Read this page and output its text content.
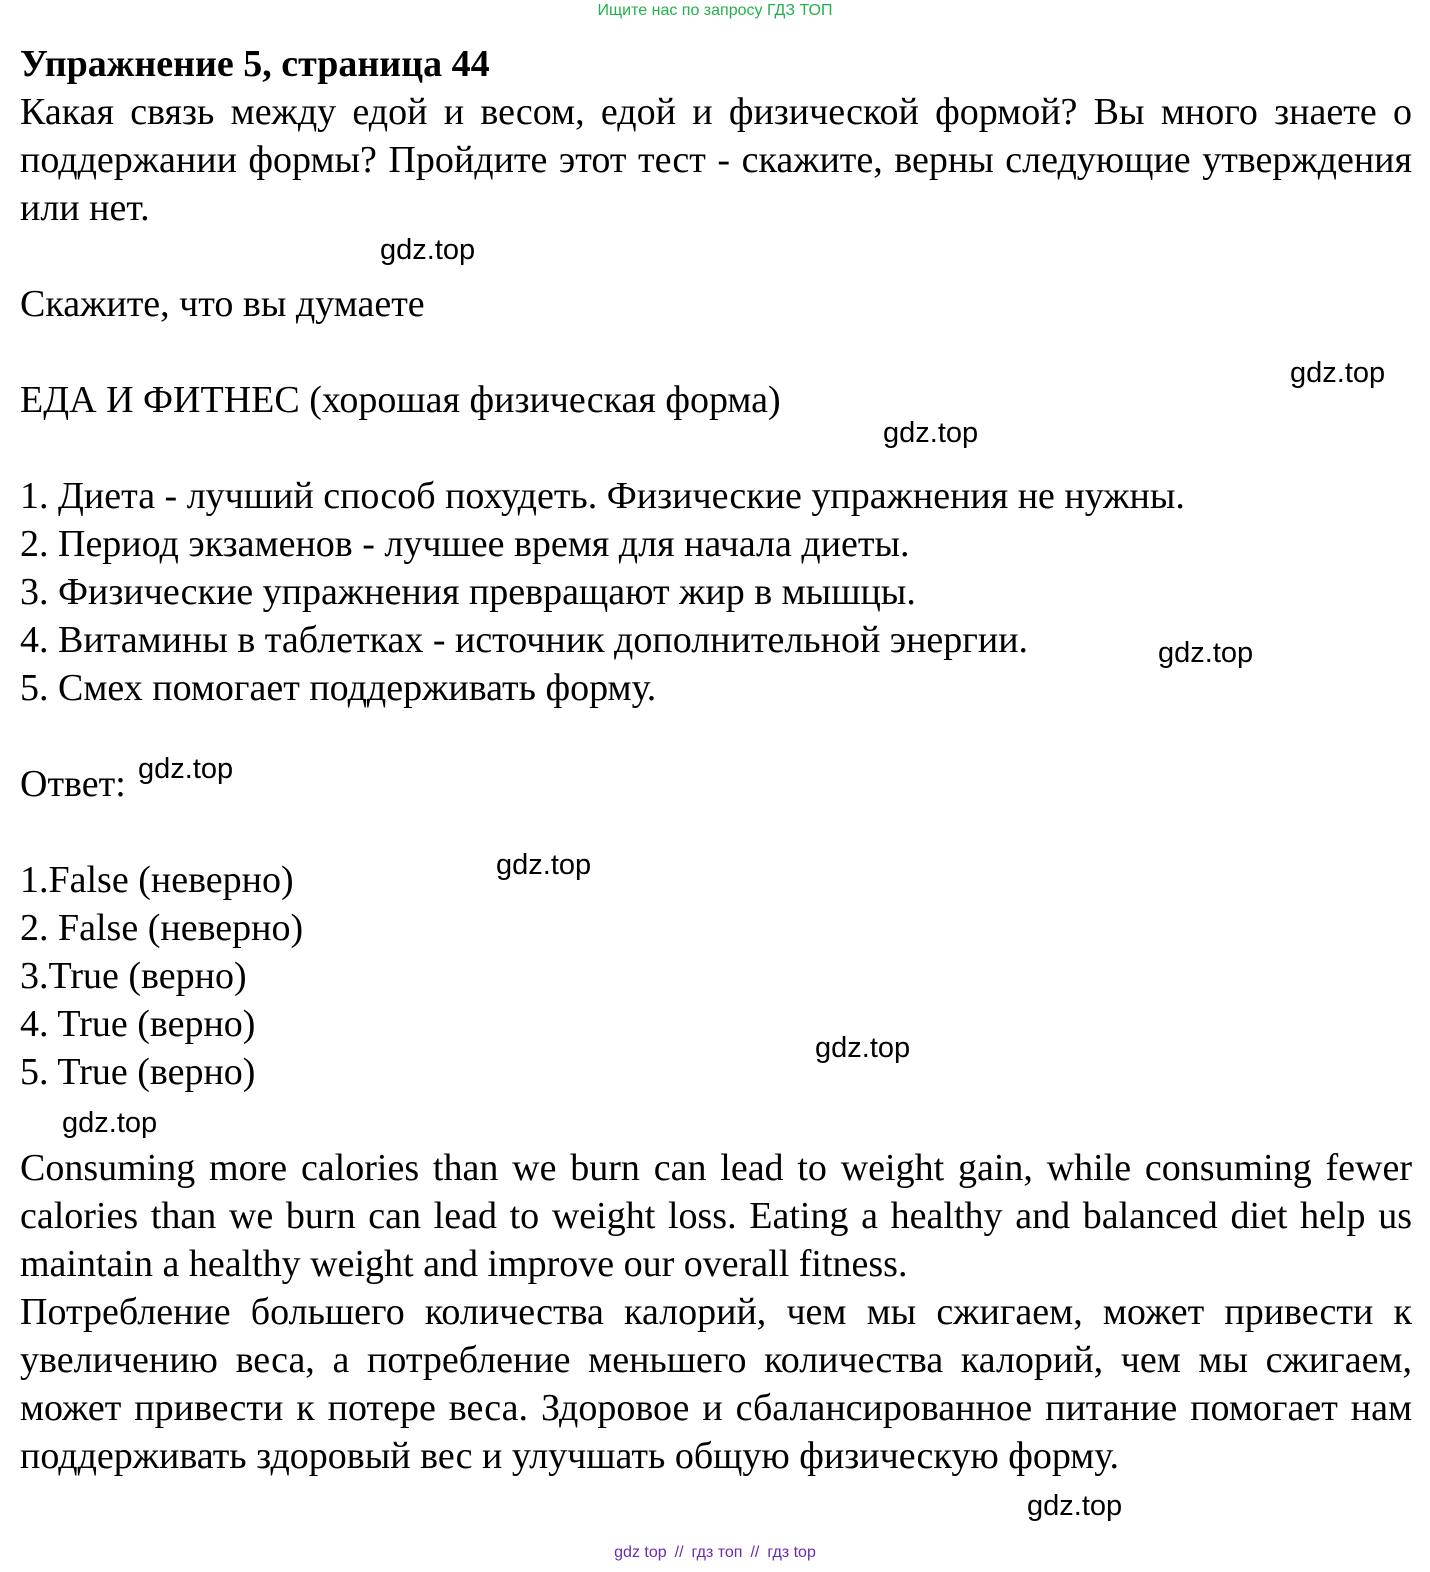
Ищите нас по запросу ГДЗ ТОП
Упражнение 5, страница 44
Какая связь между едой и весом, едой и физической формой? Вы много знаете о поддержании формы? Пройдите этот тест - скажите, верны следующие утверждения или нет.
gdz.top
Скажите, что вы думаете
gdz.top
ЕДА И ФИТНЕС (хорошая физическая форма)
gdz.top
1. Диета - лучший способ похудеть. Физические упражнения не нужны.
2. Период экзаменов - лучшее время для начала диеты.
3. Физические упражнения превращают жир в мышцы.
4. Витамины в таблетках - источник дополнительной энергии.	gdz.top
5. Смех помогает поддерживать форму.
Ответ: gdz.top
gdz.top
1.False (неверно)
2. False (неверно)
3.True (верно)
4. True (верно)
gdz.top
5. True (верно)
gdz.top
Consuming more calories than we burn can lead to weight gain, while consuming fewer calories than we burn can lead to weight loss. Eating a healthy and balanced diet help us maintain a healthy weight and improve our overall fitness.
Потребление большего количества калорий, чем мы сжигаем, может привести к увеличению веса, а потребление меньшего количества калорий, чем мы сжигаем, может привести к потере веса. Здоровое и сбалансированное питание помогает нам поддерживать здоровый вес и улучшать общую физическую форму.
gdz.top
gdz top // гдз топ // гдз top
